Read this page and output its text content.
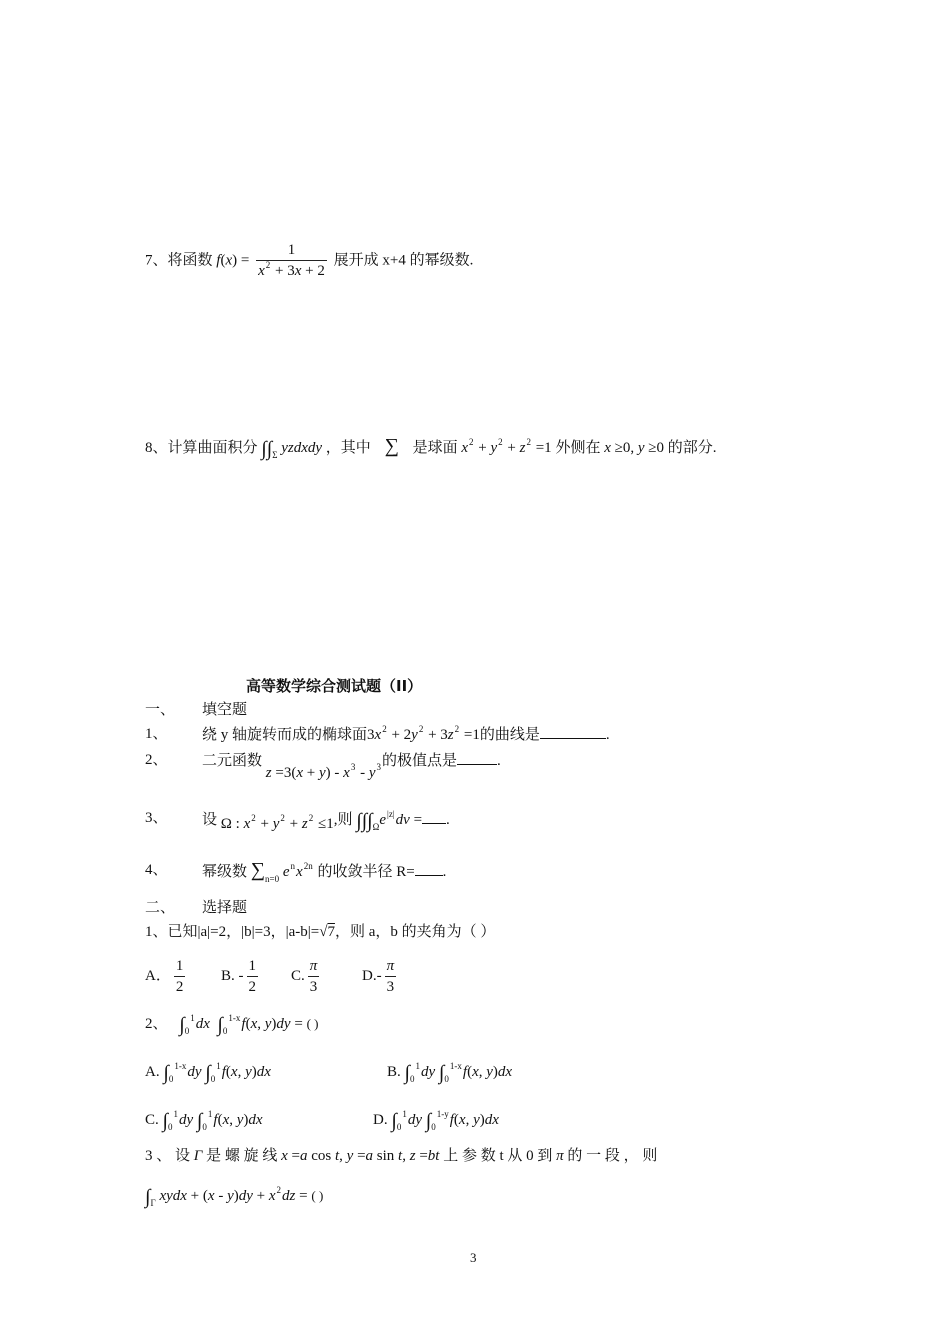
7、将函数 $f(x) = \frac{1}{x^2 + 3x + 2}$ 展开成 x+4 的幂级数.
8、计算曲面积分 $\int\int_\Sigma$ yzdxdy ，其中 ∑ 是球面 $x^2 + y^2 + z^2 =1$ 外侧在 x ≥0, y ≥0 的部分.
高等数学综合测试题（II）
一、 填空题
1、 绕 y 轴旋转而成的椭球面$3x^2 + 2y^2 + 3z^2 =1$的曲线是	.
2、 二元函数 $z =3(x + y) - x^3 - y^3$的极值点是	.
3、 设 Ω : $x^2 + y^2 + z^2 \le 1$,则 $\int\int\int_\Omega e^{|z|}dv$ = .
4、 幂级数 $\sum_{n=0}$ $e^nx^{2n}$ 的收敛半径 R= .
二、 选择题
1、已知|a|=2，|b|=3，|a-b|=√7，则 a，b 的夹角为（ ）
A． $\frac{1}{2} B$. - $\frac{1}{2} C$. $\frac{\pi}{3}$	$D.- \frac{\pi}{3}$
2、 $\int_0^1dx$ $\int_0^{1-x}f(x$, y)dy = ( )
A. $\int_0^{1-x}dy$ $\int_0^1f(x$, y)dx	B. $\int_0^1dy$ $\int_0^{1-x}f(x$, y)dx
C. $\int_0^1dy$ $\int_0^1f(x$, y)dx	D. $\int_0^1dy$ $\int_0^{1-y}f(x$, y)dx
3 、 设 Γ 是 螺 旋 线 x =a cos t, y =a sin t, z =bt 上 参 数 t 从 0 到 π 的 一 段 ， 则
$\int_\Gamma$ xydx + $(x - y)dy + x^2dz$ = ( )
3
